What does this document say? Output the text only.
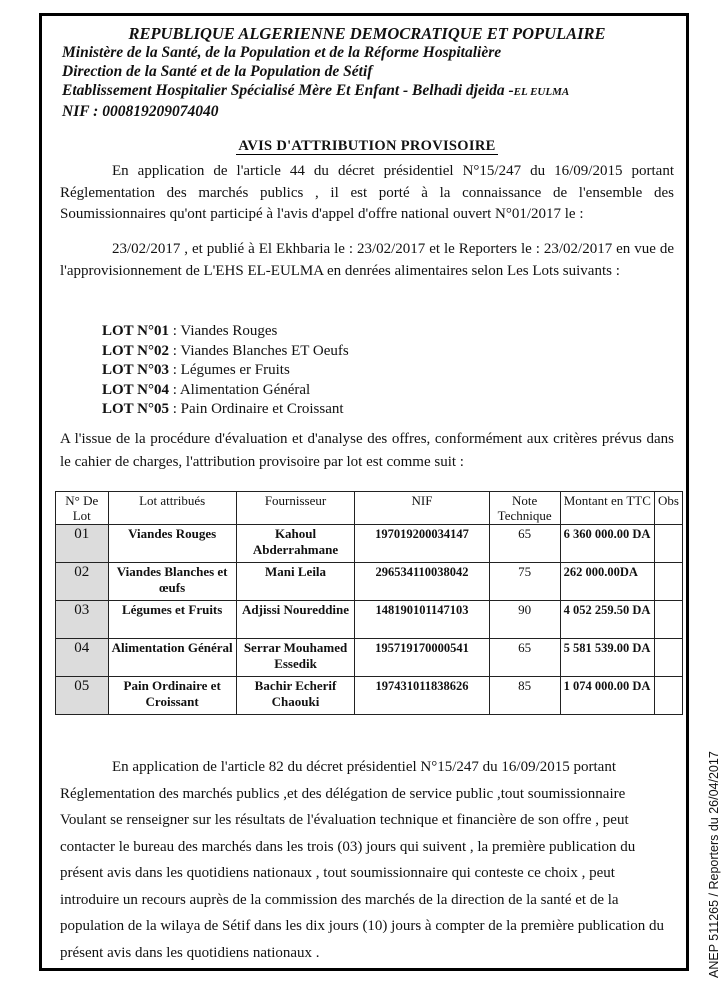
REPUBLIQUE ALGERIENNE DEMOCRATIQUE ET POPULAIRE
Ministère de la Santé, de la Population et de la Réforme Hospitalière
Direction de la Santé et de la Population de Sétif
Etablissement Hospitalier Spécialisé Mère Et Enfant - Belhadi djeida -EL EULMA
NIF : 000819209074040
AVIS D'ATTRIBUTION PROVISOIRE
En application de l'article 44 du décret présidentiel N°15/247 du 16/09/2015 portant Réglementation des marchés publics , il est porté à la connaissance de l'ensemble des Soumissionnaires qu'ont participé à l'avis d'appel d'offre national ouvert N°01/2017 le :
23/02/2017 , et publié à El Ekhbaria le : 23/02/2017 et le Reporters le : 23/02/2017 en vue de l'approvisionnement de L'EHS EL-EULMA en denrées alimentaires selon Les Lots suivants :
LOT N°01 : Viandes Rouges
LOT N°02 : Viandes Blanches ET Oeufs
LOT N°03 : Légumes er Fruits
LOT N°04 : Alimentation Général
LOT N°05 : Pain Ordinaire et Croissant
A l'issue de la procédure d'évaluation et d'analyse des offres, conformément aux critères prévus dans le cahier de charges, l'attribution provisoire par lot est comme suit :
N° De Lot	Lot attribués	Fournisseur	NIF	Note Technique	Montant en TTC	Obs
01	Viandes Rouges	Kahoul Abderrahmane	197019200034147	65	6 360 000.00 DA	
02	Viandes Blanches et œufs	Mani Leila	296534110038042	75	262 000.00DA	
03	Légumes et Fruits	Adjissi Noureddine	148190101147103	90	4 052 259.50 DA	
04	Alimentation Général	Serrar Mouhamed Essedik	195719170000541	65	5 581 539.00 DA	
05	Pain Ordinaire et Croissant	Bachir Echerif Chaouki	197431011838626	85	1 074 000.00 DA	
En application de l'article 82 du décret présidentiel N°15/247 du 16/09/2015 portant Réglementation des marchés publics ,et des délégation de service public ,tout soumissionnaire Voulant se renseigner sur les résultats de l'évaluation technique et financière de son offre , peut contacter le bureau des marchés dans les trois (03) jours qui suivent , la première publication du présent avis dans les quotidiens nationaux , tout soumissionnaire qui conteste ce choix , peut introduire un recours auprès de la commission des marchés de la direction de la santé et de la population de la wilaya de Sétif dans les dix jours (10) jours à compter de la première publication du présent avis dans les quotidiens nationaux .	ANEP 511265 / Reporters du 26/04/2017
